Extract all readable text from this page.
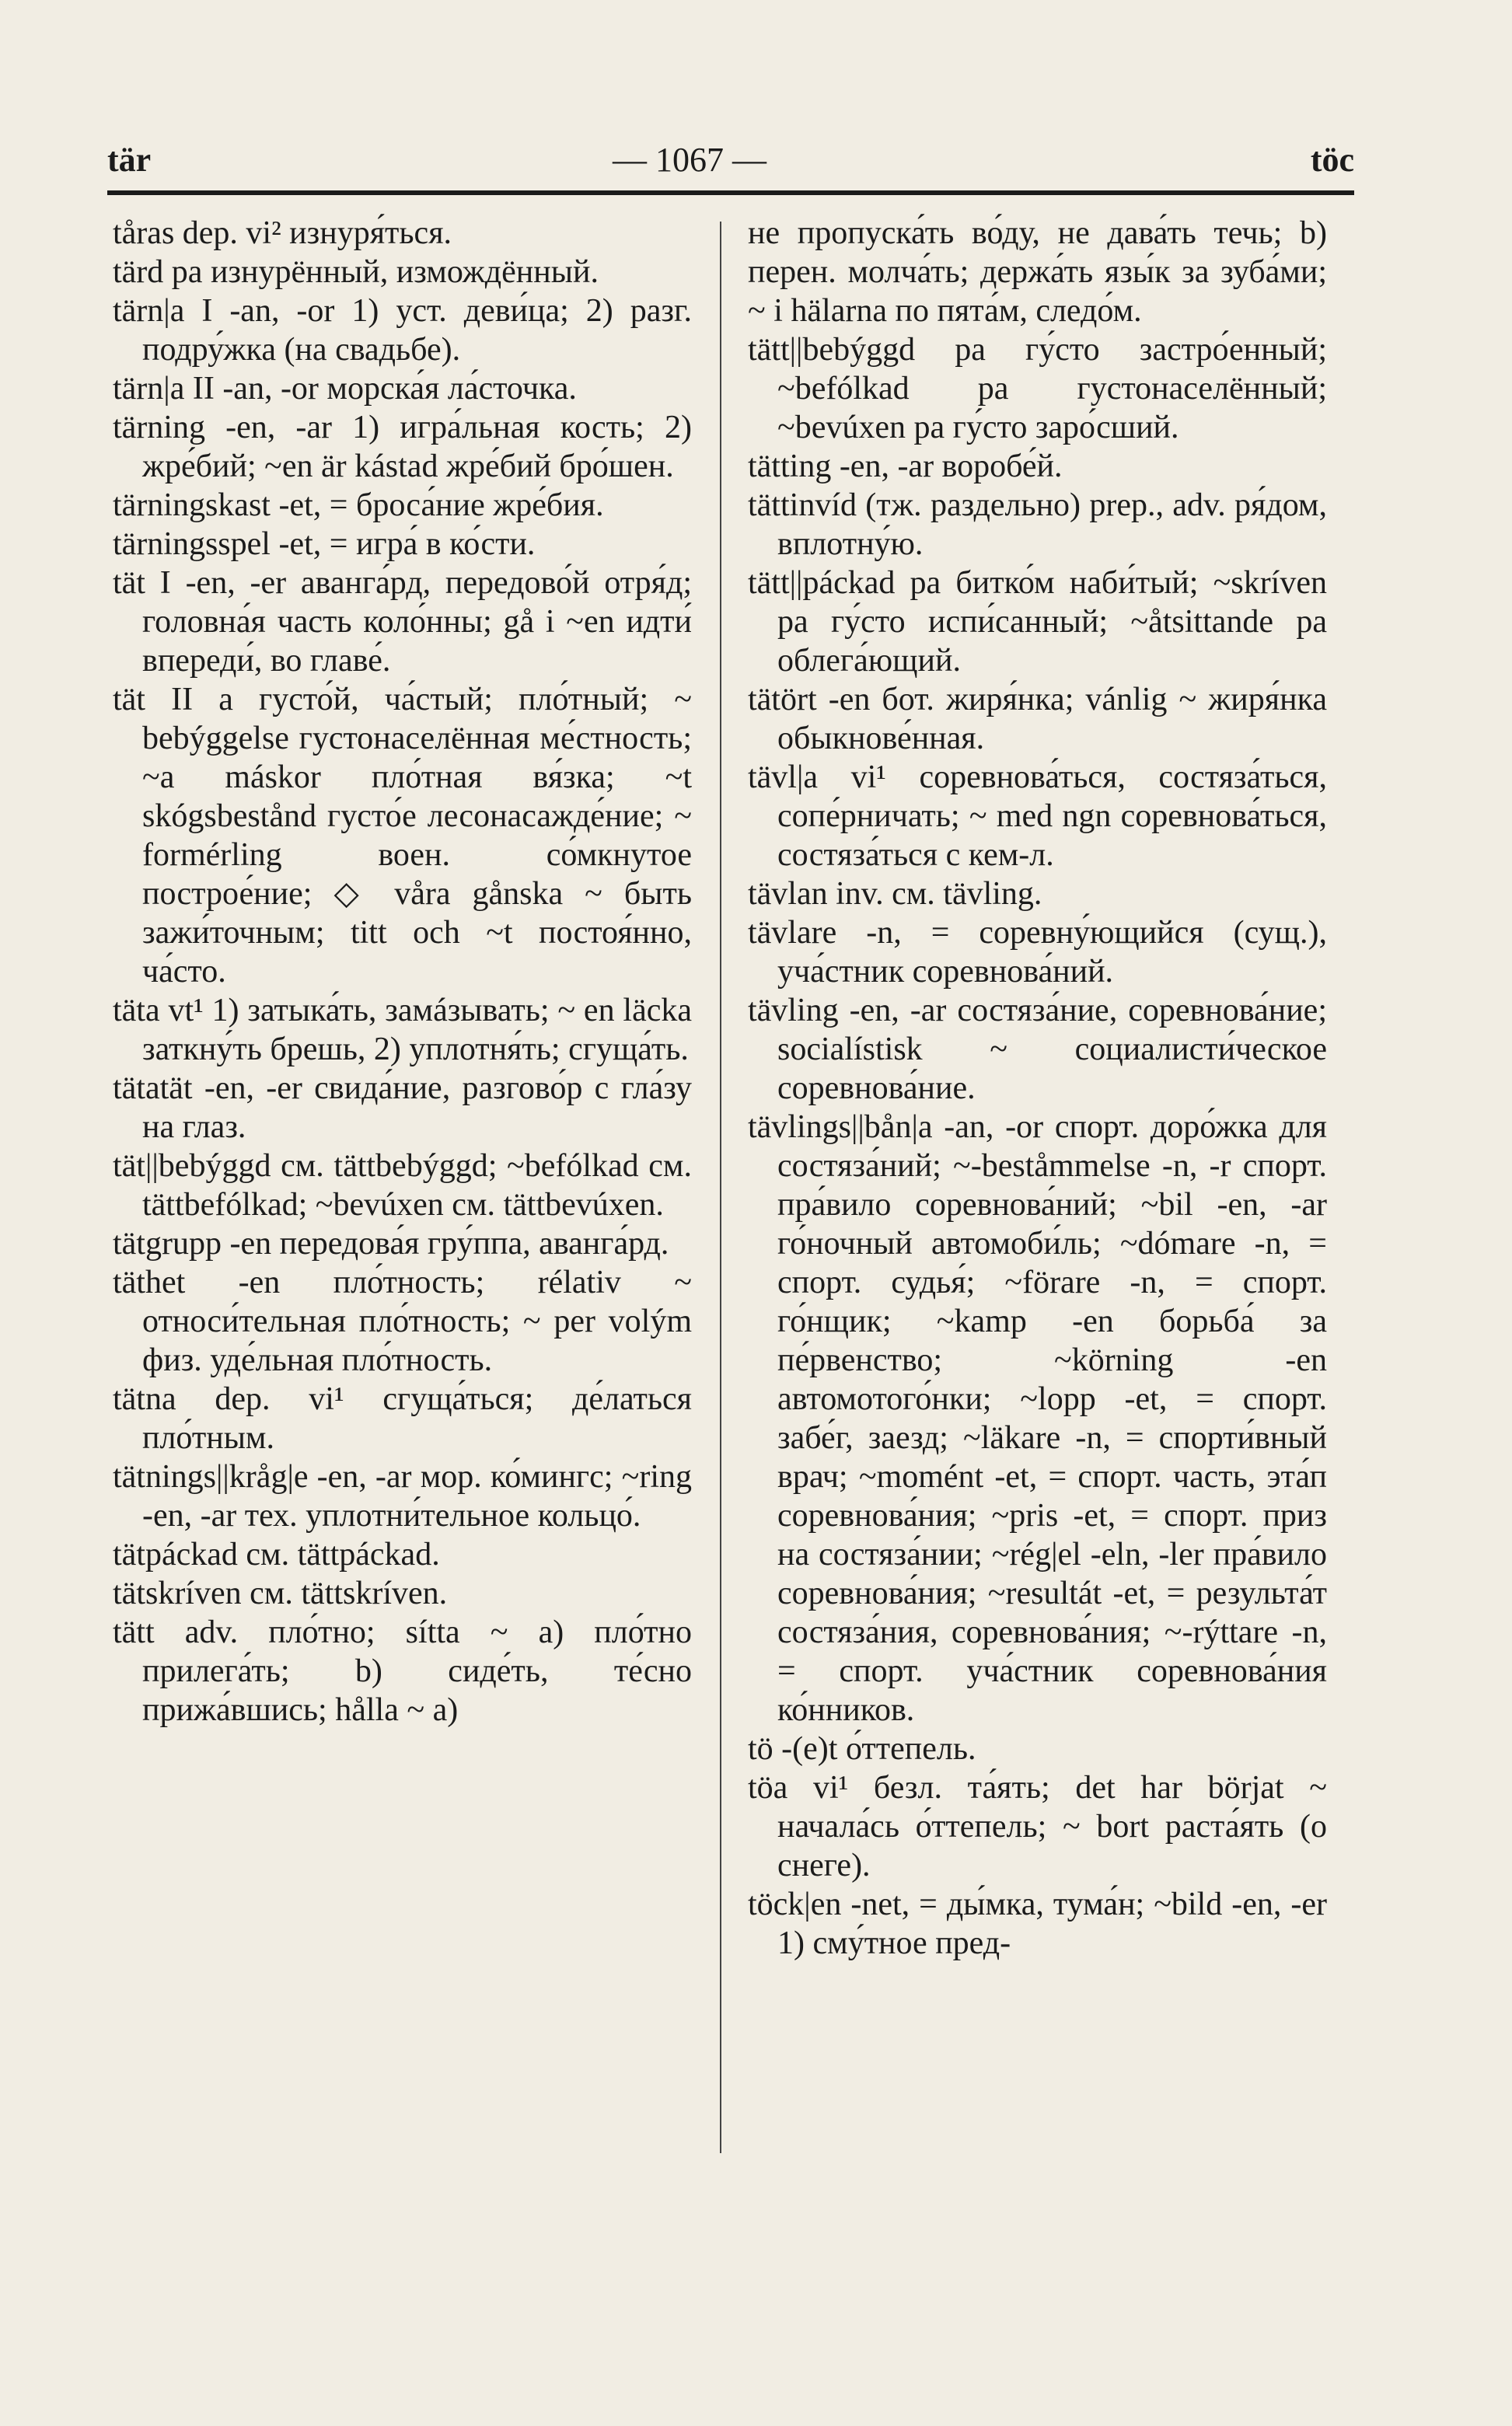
tär	— 1067 —	töc

tåras dep. vi² изнуря́ться.

tärd pa изнурённый, измождённый.

tärn|a I -an, -or 1) уст. деви́ца; 2) разг. подру́жка (на свадьбе).

tärn|a II -an, -or морска́я ла́сточка.

tärning -en, -ar 1) игра́льная кость; 2) жре́бий; ~en är kástad жре́бий бро́шен.

tärningskast -et, = броса́ние жре́бия.

tärningsspel -et, = игра́ в ко́сти.

tät I -en, -er аванга́рд, передово́й отря́д; головна́я часть коло́нны; gå i ~en идти́ впереди́, во главе́.

tät II a густо́й, ча́стый; пло́тный; ~ bebýggelse густонаселённая ме́стность; ~a máskor пло́тная вя́зка; ~t skógsbestånd густо́е лесонасажде́ние; ~ formérling воен. со́мкнутое построе́ние; ◇ våra gånska ~ быть зажи́точным; titt och ~t постоя́нно, ча́сто.

täta vt¹ 1) затыка́ть, замáзывать; ~ en läcka заткну́ть брешь, 2) уплотня́ть; сгуща́ть.

tätatät -en, -er свида́ние, разгово́р с гла́зу на глаз.

tät||bebýggd см. tättbebýggd; ~befólkad см. tättbefólkad; ~bevúxen см. tättbevúxen.

tätgrupp -en передова́я гру́ппа, аванга́рд.

täthet -en пло́тность; rélativ ~ относи́тельная пло́тность; ~ per volým физ. уде́льная пло́тность.

tätna dep. vi¹ сгуща́ться; де́латься пло́тным.

tätnings||kråg|e -en, -ar мор. ко́мингс; ~ring -en, -ar тех. уплотни́тельное кольцо́.

tätpáckad см. tättpáckad.

tätskríven см. tättskríven.

tätt adv. пло́тно; sítta ~ а) пло́тно прилега́ть; b) сиде́ть, те́сно прижа́вшись; hålla ~ а)

не пропуска́ть во́ду, не дава́ть течь; b) перен. молча́ть; держа́ть язы́к за зуба́ми; ~ i hälarna по пята́м, следо́м.

tätt||bebýggd pa гу́сто застро́енный; ~befólkad pa густонаселённый; ~bevúxen pa гу́сто заро́сший.

tätting -en, -ar воробе́й.

tättinvíd (тж. раздельно) prep., adv. ря́дом, вплотну́ю.

tätt||páckad pa битко́м наби́тый; ~skríven pa гу́сто испи́санный; ~åtsittande pa облега́ющий.

tätört -en бот. жиря́нка; vánlig ~ жиря́нка обыкнове́нная.

tävl|a vi¹ соревнова́ться, состяза́ться, сопе́рничать; ~ med ngn соревнова́ться, состяза́ться с кем-л.

tävlan inv. см. tävling.

tävlare -n, = соревну́ющийся (сущ.), уча́стник соревнова́ний.

tävling -en, -ar состяза́ние, соревнова́ние; socialístisk ~ социалисти́ческое соревнова́ние.

tävlings||bån|a -an, -or спорт. доро́жка для состяза́ний; ~-beståmmelse -n, -r спорт. пра́вило соревнова́ний; ~bil -en, -ar го́ночный автомоби́ль; ~dómare -n, = спорт. судья́; ~förare -n, = спорт. го́нщик; ~kamp -en борьба́ за пе́рвенство; ~körning -en автомотого́нки; ~lopp -et, = спорт. забе́г, заезд; ~läkare -n, = спорти́вный врач; ~momént -et, = спорт. часть, эта́п соревнова́ния; ~pris -et, = спорт. приз на состяза́нии; ~rég|el -eln, -ler пра́вило соревнова́ния; ~resultát -et, = результа́т состяза́ния, соревнова́ния; ~-rýttare -n, = спорт. уча́стник соревнова́ния ко́нников.

tö -(e)t о́ттепель.

töa vi¹ безл. та́ять; det har börjat ~ начала́сь о́ттепель; ~ bort раста́ять (о снеге).

töck|en -net, = ды́мка, тума́н; ~bild -en, -er 1) сму́тное пред-
